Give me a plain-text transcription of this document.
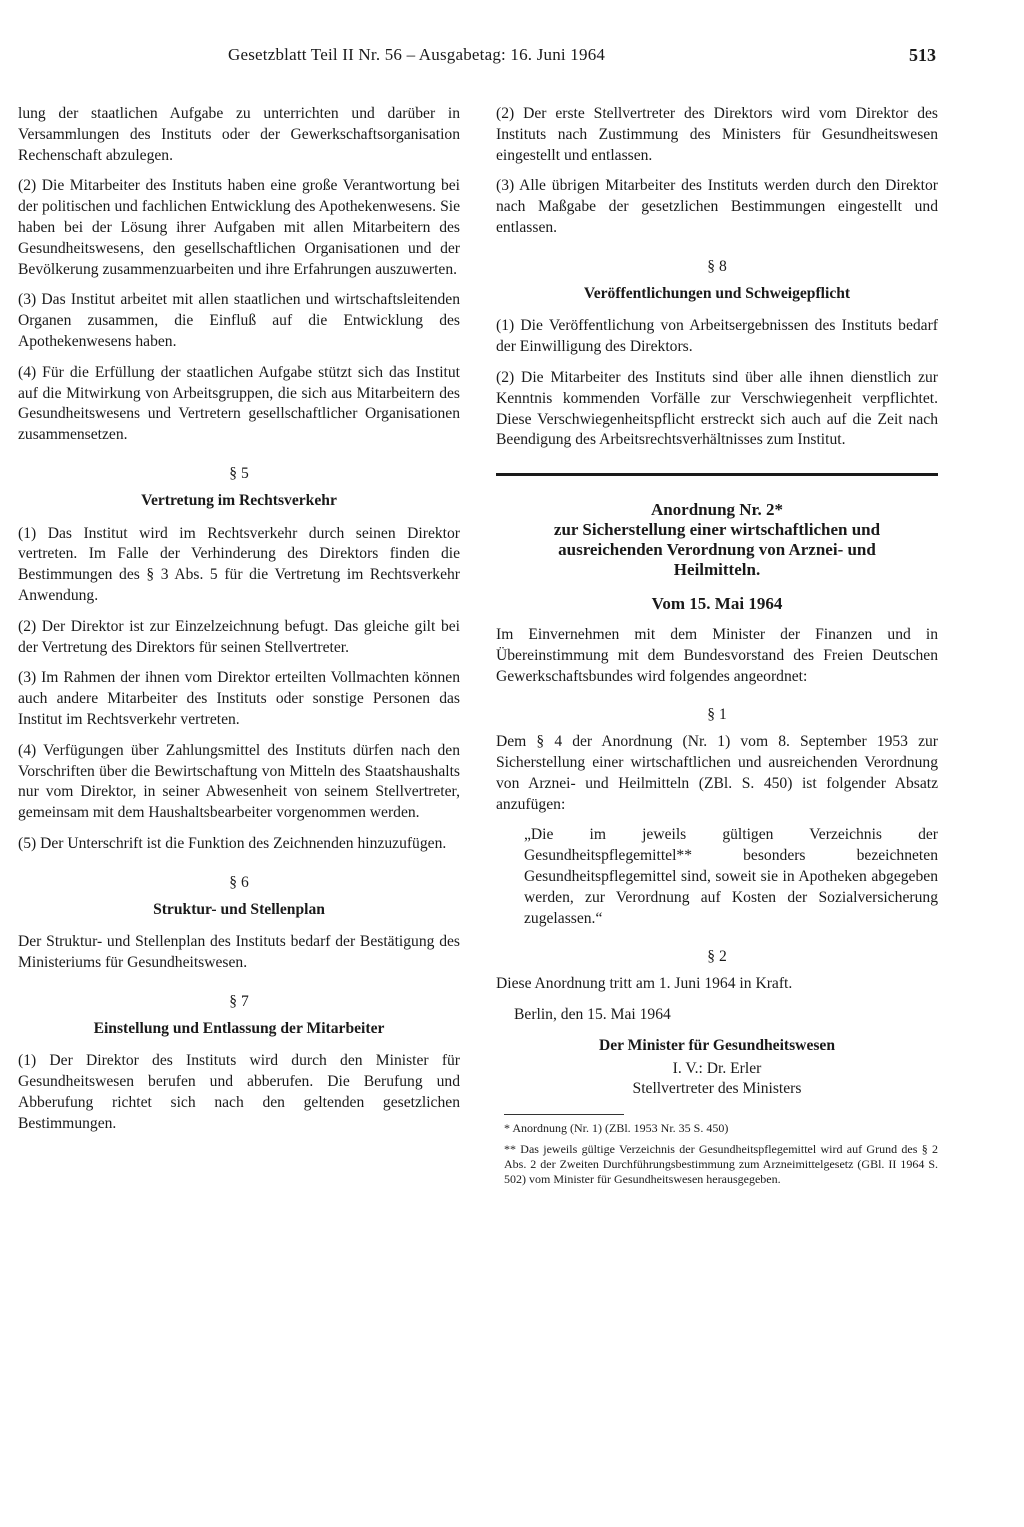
Gesetzblatt Teil II Nr. 56 – Ausgabetag: 16. Juni 1964	513

lung der staatlichen Aufgabe zu unterrichten und darüber in Versammlungen des Instituts oder der Gewerkschaftsorganisation Rechenschaft abzulegen.

(2) Die Mitarbeiter des Instituts haben eine große Verantwortung bei der politischen und fachlichen Entwicklung des Apothekenwesens. Sie haben bei der Lösung ihrer Aufgaben mit allen Mitarbeitern des Gesundheitswesens, den gesellschaftlichen Organisationen und der Bevölkerung zusammenzuarbeiten und ihre Erfahrungen auszuwerten.

(3) Das Institut arbeitet mit allen staatlichen und wirtschaftsleitenden Organen zusammen, die Einfluß auf die Entwicklung des Apothekenwesens haben.

(4) Für die Erfüllung der staatlichen Aufgabe stützt sich das Institut auf die Mitwirkung von Arbeitsgruppen, die sich aus Mitarbeitern des Gesundheitswesens und Vertretern gesellschaftlicher Organisationen zusammensetzen.

§ 5
Vertretung im Rechtsverkehr

(1) Das Institut wird im Rechtsverkehr durch seinen Direktor vertreten. Im Falle der Verhinderung des Direktors finden die Bestimmungen des § 3 Abs. 5 für die Vertretung im Rechtsverkehr Anwendung.

(2) Der Direktor ist zur Einzelzeichnung befugt. Das gleiche gilt bei der Vertretung des Direktors für seinen Stellvertreter.

(3) Im Rahmen der ihnen vom Direktor erteilten Vollmachten können auch andere Mitarbeiter des Instituts oder sonstige Personen das Institut im Rechtsverkehr vertreten.

(4) Verfügungen über Zahlungsmittel des Instituts dürfen nach den Vorschriften über die Bewirtschaftung von Mitteln des Staatshaushalts nur vom Direktor, in seiner Abwesenheit von seinem Stellvertreter, gemeinsam mit dem Haushaltsbearbeiter vorgenommen werden.

(5) Der Unterschrift ist die Funktion des Zeichnenden hinzuzufügen.

§ 6
Struktur- und Stellenplan

Der Struktur- und Stellenplan des Instituts bedarf der Bestätigung des Ministeriums für Gesundheitswesen.

§ 7
Einstellung und Entlassung der Mitarbeiter

(1) Der Direktor des Instituts wird durch den Minister für Gesundheitswesen berufen und abberufen. Die Berufung und Abberufung richtet sich nach den geltenden gesetzlichen Bestimmungen.

(2) Der erste Stellvertreter des Direktors wird vom Direktor des Instituts nach Zustimmung des Ministers für Gesundheitswesen eingestellt und entlassen.

(3) Alle übrigen Mitarbeiter des Instituts werden durch den Direktor nach Maßgabe der gesetzlichen Bestimmungen eingestellt und entlassen.

§ 8
Veröffentlichungen und Schweigepflicht

(1) Die Veröffentlichung von Arbeitsergebnissen des Instituts bedarf der Einwilligung des Direktors.

(2) Die Mitarbeiter des Instituts sind über alle ihnen dienstlich zur Kenntnis kommenden Vorfälle zur Verschwiegenheit verpflichtet. Diese Verschwiegenheitspflicht erstreckt sich auch auf die Zeit nach Beendigung des Arbeitsrechtsverhältnisses zum Institut.

Anordnung Nr. 2*
zur Sicherstellung einer wirtschaftlichen und
ausreichenden Verordnung von Arznei- und
Heilmitteln.
Vom 15. Mai 1964

Im Einvernehmen mit dem Minister der Finanzen und in Übereinstimmung mit dem Bundesvorstand des Freien Deutschen Gewerkschaftsbundes wird folgendes angeordnet:

§ 1

Dem § 4 der Anordnung (Nr. 1) vom 8. September 1953 zur Sicherstellung einer wirtschaftlichen und ausreichenden Verordnung von Arznei- und Heilmitteln (ZBl. S. 450) ist folgender Absatz anzufügen:

„Die im jeweils gültigen Verzeichnis der Gesundheitspflegemittel** besonders bezeichneten Gesundheitspflegemittel sind, soweit sie in Apotheken abgegeben werden, zur Verordnung auf Kosten der Sozialversicherung zugelassen.“

§ 2

Diese Anordnung tritt am 1. Juni 1964 in Kraft.

Berlin, den 15. Mai 1964

Der Minister für Gesundheitswesen
I. V.: Dr. Erler
Stellvertreter des Ministers

* Anordnung (Nr. 1) (ZBl. 1953 Nr. 35 S. 450)

** Das jeweils gültige Verzeichnis der Gesundheitspflegemittel wird auf Grund des § 2 Abs. 2 der Zweiten Durchführungsbestimmung zum Arzneimittelgesetz (GBl. II 1964 S. 502) vom Minister für Gesundheitswesen herausgegeben.
